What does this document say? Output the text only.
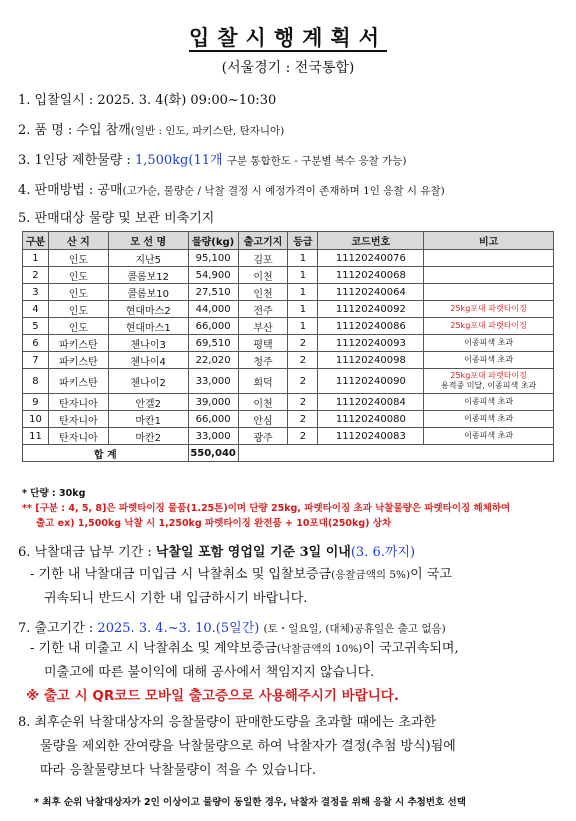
입찰시행계획서
(서울경기 : 전국통합)
1. 입찰일시 : 2025. 3. 4(화) 09:00~10:30
2. 품 명 : 수입 참깨(일반 : 인도, 파키스탄, 탄자니아)
3. 1인당 제한물량 : 1,500kg(11개 구분 통합한도 - 구분별 복수 응찰 가능)
4. 판매방법 : 공매(고가순, 물량순 / 낙찰 결정 시 예정가격이 존재하며 1인 응찰 시 유찰)
5. 판매대상 물량 및 보관 비축기지
구분	산 지	모 선 명	물량(kg)	출고기지	등급	코드번호	비고
1	인도	지난5	95,100	김포	1	11120240076	

2	인도	콜롬보12	54,900	이천	1	11120240068	

3	인도	콜롬보10	27,510	인천	1	11120240064	

4	인도	현대마스2	44,000	전주	1	11120240092	25kg포대 파렛타이징

5	인도	현대마스1	66,000	부산	1	11120240086	25kg포대 파렛타이징

6	파키스탄	첸나이3	69,510	평택	2	11120240093	이종피색 초과

7	파키스탄	첸나이4	22,020	청주	2	11120240098	이종피색 초과

8	파키스탄	첸나이2	33,000	회덕	2	11120240090	25kg포대 파렛타이징
용적중 미달, 이종피색 초과

9	탄자니아	안겔2	39,000	이천	2	11120240084	이종피색 초과

10	탄자니아	마칸1	66,000	안심	2	11120240080	이종피색 초과

11	탄자니아	마칸2	33,000	광주	2	11120240083	이종피색 초과

합 계			550,040				
* 단량 : 30kg
** [구분 : 4, 5, 8]은 파렛타이징 물품(1.25톤)이며 단량 25kg, 파렛타이징 초과 낙찰물량은 파렛타이징 해체하여
출고 ex) 1,500kg 낙찰 시 1,250kg 파렛타이징 완전품 + 10포대(250kg) 상차
6. 낙찰대금 납부 기간 : 낙찰일 포함 영업일 기준 3일 이내(3. 6.까지)
- 기한 내 낙찰대금 미입금 시 낙찰취소 및 입찰보증금(응찰금액의 5%)이 국고
귀속되니 반드시 기한 내 입금하시기 바랍니다.
7. 출고기간 : 2025. 3. 4.~3. 10.(5일간) (토・일요일, (대체)공휴일은 출고 없음)
- 기한 내 미출고 시 낙찰취소 및 계약보증금(낙찰금액의 10%)이 국고귀속되며,
미출고에 따른 불이익에 대해 공사에서 책임지지 않습니다.
※ 출고 시 QR코드 모바일 출고증으로 사용해주시기 바랍니다.
8. 최후순위 낙찰대상자의 응찰물량이 판매한도량을 초과할 때에는 초과한
물량을 제외한 잔여량을 낙찰물량으로 하여 낙찰자가 결정(추첨 방식)됨에
따라 응찰물량보다 낙찰물량이 적을 수 있습니다.
* 최후 순위 낙찰대상자가 2인 이상이고 물량이 동일한 경우, 낙찰자 결정을 위해 응찰 시 추첨번호 선택
